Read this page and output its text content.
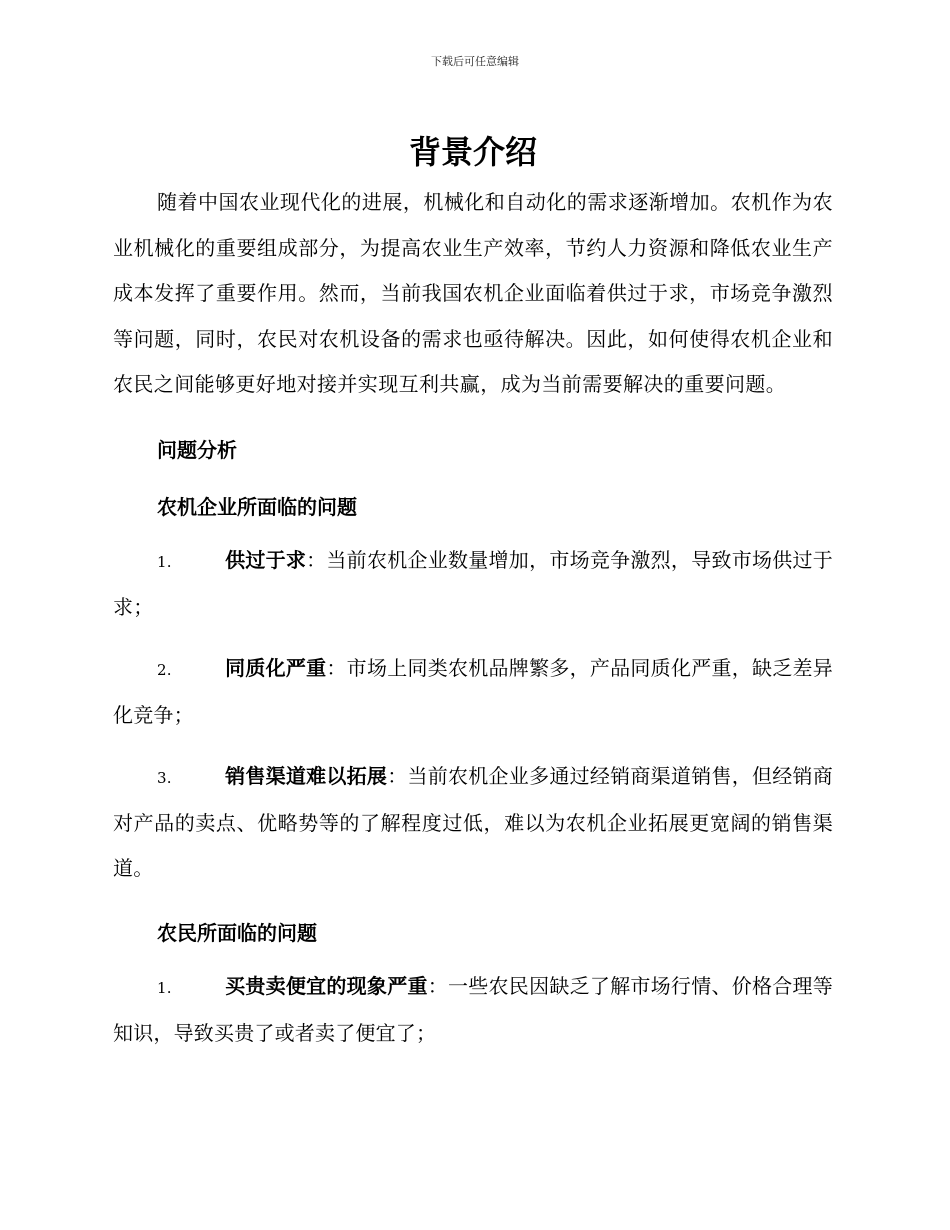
下载后可任意编辑
背景介绍

随着中国农业现代化的进展，机械化和自动化的需求逐渐增加。农机作为农业机械化的重要组成部分，为提高农业生产效率，节约人力资源和降低农业生产成本发挥了重要作用。然而，当前我国农机企业面临着供过于求，市场竞争激烈等问题，同时，农民对农机设备的需求也亟待解决。因此，如何使得农机企业和农民之间能够更好地对接并实现互利共赢，成为当前需要解决的重要问题。

问题分析
农机企业所面临的问题
1.	供过于求：当前农机企业数量增加，市场竞争激烈，导致市场供过于求；
2.	同质化严重：市场上同类农机品牌繁多，产品同质化严重，缺乏差异化竞争；
3.	销售渠道难以拓展：当前农机企业多通过经销商渠道销售，但经销商对产品的卖点、优略势等的了解程度过低，难以为农机企业拓展更宽阔的销售渠道。
农民所面临的问题
1.	买贵卖便宜的现象严重：一些农民因缺乏了解市场行情、价格合理等知识，导致买贵了或者卖了便宜了；
